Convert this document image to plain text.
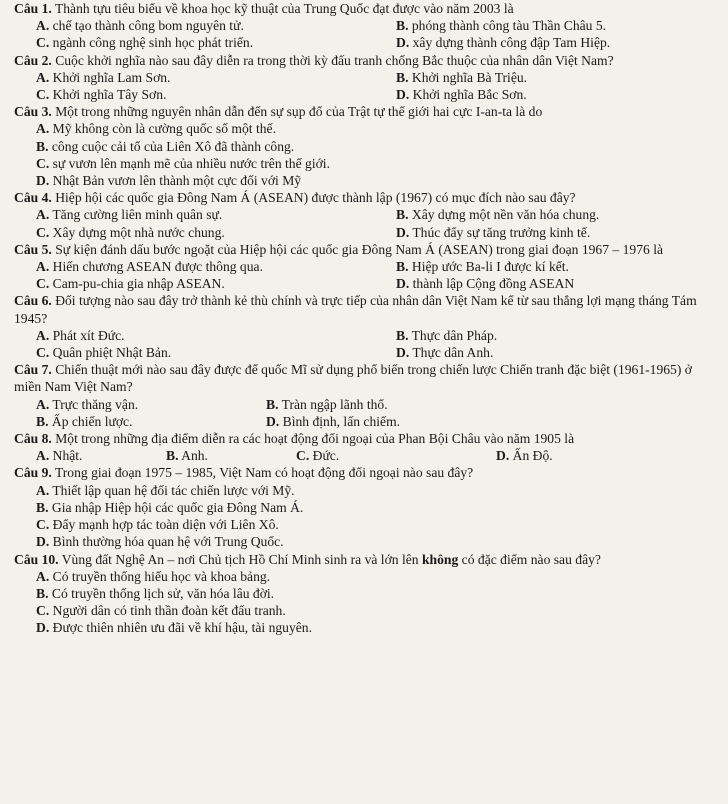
Câu 1. Thành tựu tiêu biểu về khoa học kỹ thuật của Trung Quốc đạt được vào năm 2003 là
A. chế tạo thành công bom nguyên tử.	B. phóng thành công tàu Thần Châu 5.
C. ngành công nghệ sinh học phát triển.	D. xây dựng thành công đập Tam Hiệp.
Câu 2. Cuộc khởi nghĩa nào sau đây diễn ra trong thời kỳ đấu tranh chống Bắc thuộc của nhân dân Việt Nam?
A. Khởi nghĩa Lam Sơn.	B. Khởi nghĩa Bà Triệu.
C. Khởi nghĩa Tây Sơn.	D. Khởi nghĩa Bắc Sơn.
Câu 3. Một trong những nguyên nhân dẫn đến sự sụp đổ của Trật tự thế giới hai cực I-an-ta là do
A. Mỹ không còn là cường quốc số một thế.
B. công cuộc cải tổ của Liên Xô đã thành công.
C. sự vươn lên mạnh mẽ của nhiều nước trên thế giới.
D. Nhật Bản vươn lên thành một cực đối với Mỹ
Câu 4. Hiệp hội các quốc gia Đông Nam Á (ASEAN) được thành lập (1967) có mục đích nào sau đây?
A. Tăng cường liên minh quân sự.	B. Xây dựng một nền văn hóa chung.
C. Xây dựng một nhà nước chung.	D. Thúc đẩy sự tăng trưởng kinh tế.
Câu 5. Sự kiện đánh dấu bước ngoặt của Hiệp hội các quốc gia Đông Nam Á (ASEAN) trong giai đoạn 1967 – 1976 là
A. Hiến chương ASEAN được thông qua.	B. Hiệp ước Ba-li I được kí kết.
C. Cam-pu-chia gia nhập ASEAN.	D. thành lập Cộng đồng ASEAN
Câu 6. Đối tượng nào sau đây trở thành kẻ thù chính và trực tiếp của nhân dân Việt Nam kể từ sau thắng lợi mạng tháng Tám 1945?
A. Phát xít Đức.	B. Thực dân Pháp.
C. Quân phiệt Nhật Bản.	D. Thực dân Anh.
Câu 7. Chiến thuật mới nào sau đây được để quốc Mĩ sử dụng phổ biến trong chiến lược Chiến tranh đặc biệt (1961-1965) ở miền Nam Việt Nam?
A. Trực thăng vận.	B. Tràn ngập lãnh thổ.
B. Ấp chiến lược.	D. Bình định, lấn chiếm.
Câu 8. Một trong những địa điểm diễn ra các hoạt động đối ngoại của Phan Bội Châu vào năm 1905 là
A. Nhật.	B. Anh.	C. Đức.	D. Ấn Độ.
Câu 9. Trong giai đoạn 1975 – 1985, Việt Nam có hoạt động đối ngoại nào sau đây?
A. Thiết lập quan hệ đối tác chiến lược với Mỹ.
B. Gia nhập Hiệp hội các quốc gia Đông Nam Á.
C. Đẩy mạnh hợp tác toàn diện với Liên Xô.
D. Bình thường hóa quan hệ với Trung Quốc.
Câu 10. Vùng đất Nghệ An – nơi Chủ tịch Hồ Chí Minh sinh ra và lớn lên không có đặc điểm nào sau đây?
A. Có truyền thống hiếu học và khoa bảng.
B. Có truyền thống lịch sử, văn hóa lâu đời.
C. Người dân có tinh thần đoàn kết đấu tranh.
D. Được thiên nhiên ưu đãi về khí hậu, tài nguyên.
